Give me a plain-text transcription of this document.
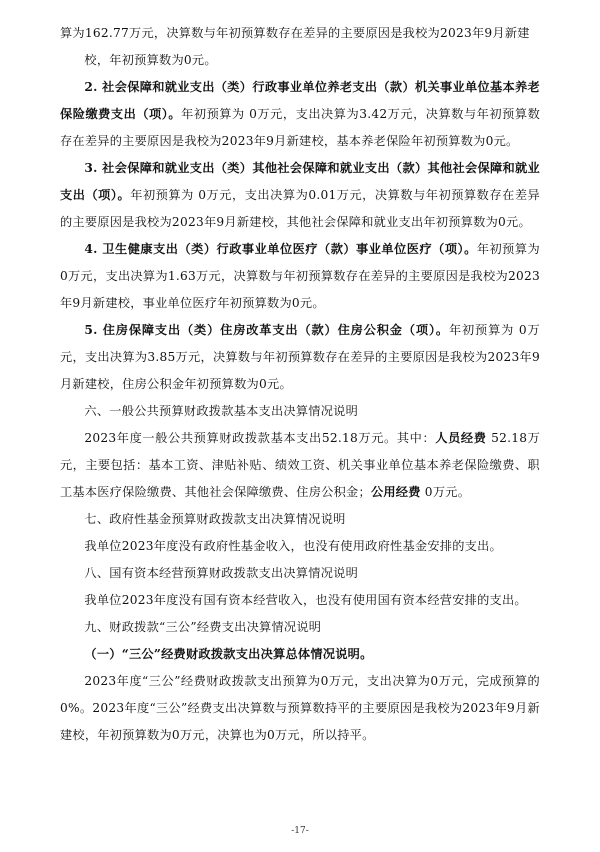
算为162.77万元，决算数与年初预算数存在差异的主要原因是我校为2023年9月新建
校，年初预算数为0元。

2. 社会保障和就业支出（类）行政事业单位养老支出（款）机关事业单位基本养老保险缴费支出（项）。年初预算为 0万元，支出决算为3.42万元，决算数与年初预算数存在差异的主要原因是我校为2023年9月新建校，基本养老保险年初预算数为0元。

3. 社会保障和就业支出（类）其他社会保障和就业支出（款）其他社会保障和就业支出（项）。年初预算为 0万元，支出决算为0.01万元，决算数与年初预算数存在差异的主要原因是我校为2023年9月新建校，其他社会保障和就业支出年初预算数为0元。

4. 卫生健康支出（类）行政事业单位医疗（款）事业单位医疗（项）。年初预算为 0万元，支出决算为1.63万元，决算数与年初预算数存在差异的主要原因是我校为2023年9月新建校，事业单位医疗年初预算数为0元。

5. 住房保障支出（类）住房改革支出（款）住房公积金（项）。年初预算为 0万元，支出决算为3.85万元，决算数与年初预算数存在差异的主要原因是我校为2023年9月新建校，住房公积金年初预算数为0元。

六、一般公共预算财政拨款基本支出决算情况说明

2023年度一般公共预算财政拨款基本支出52.18万元。其中：人员经费 52.18万元，主要包括：基本工资、津贴补贴、绩效工资、机关事业单位基本养老保险缴费、职工基本医疗保险缴费、其他社会保障缴费、住房公积金；公用经费 0万元。

七、政府性基金预算财政拨款支出决算情况说明

我单位2023年度没有政府性基金收入，也没有使用政府性基金安排的支出。

八、国有资本经营预算财政拨款支出决算情况说明

我单位2023年度没有国有资本经营收入，也没有使用国有资本经营安排的支出。

九、财政拨款“三公”经费支出决算情况说明

（一）“三公”经费财政拨款支出决算总体情况说明。

2023年度“三公”经费财政拨款支出预算为0万元，支出决算为0万元，完成预算的0%。2023年度“三公”经费支出决算数与预算数持平的主要原因是我校为2023年9月新建校，年初预算数为0万元，决算也为0万元，所以持平。

-17-
